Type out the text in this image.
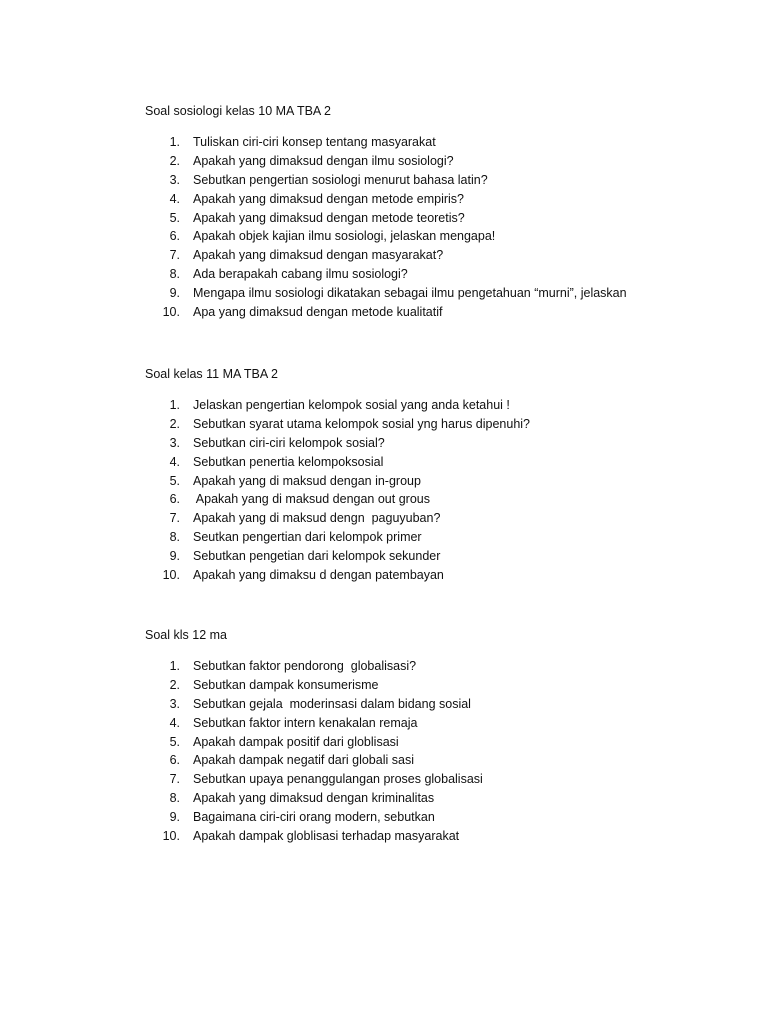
Soal sosiologi kelas 10 MA TBA 2

1. Tuliskan ciri-ciri konsep tentang masyarakat
2. Apakah yang dimaksud dengan ilmu sosiologi?
3. Sebutkan pengertian sosiologi menurut bahasa latin?
4. Apakah yang dimaksud dengan metode empiris?
5. Apakah yang dimaksud dengan metode teoretis?
6. Apakah objek kajian ilmu sosiologi, jelaskan mengapa!
7. Apakah yang dimaksud dengan masyarakat?
8. Ada berapakah cabang ilmu sosiologi?
9. Mengapa ilmu sosiologi dikatakan sebagai ilmu pengetahuan “murni”, jelaskan
10. Apa yang dimaksud dengan metode kualitatif

Soal kelas 11 MA TBA 2

1. Jelaskan pengertian kelompok sosial yang anda ketahui !
2. Sebutkan syarat utama kelompok sosial yng harus dipenuhi?
3. Sebutkan ciri-ciri kelompok sosial?
4. Sebutkan penertia kelompoksosial
5. Apakah yang di maksud dengan in-group
6. Apakah yang di maksud dengan out grous
7. Apakah yang di maksud dengn  paguyuban?
8. Seutkan pengertian dari kelompok primer
9. Sebutkan pengetian dari kelompok sekunder
10. Apakah yang dimaksu d dengan patembayan

Soal kls 12 ma

1. Sebutkan faktor pendorong  globalisasi?
2. Sebutkan dampak konsumerisme
3. Sebutkan gejala  moderinsasi dalam bidang sosial
4. Sebutkan faktor intern kenakalan remaja
5. Apakah dampak positif dari globlisasi
6. Apakah dampak negatif dari globali sasi
7. Sebutkan upaya penanggulangan proses globalisasi
8. Apakah yang dimaksud dengan kriminalitas
9. Bagaimana ciri-ciri orang modern, sebutkan
10. Apakah dampak globlisasi terhadap masyarakat
